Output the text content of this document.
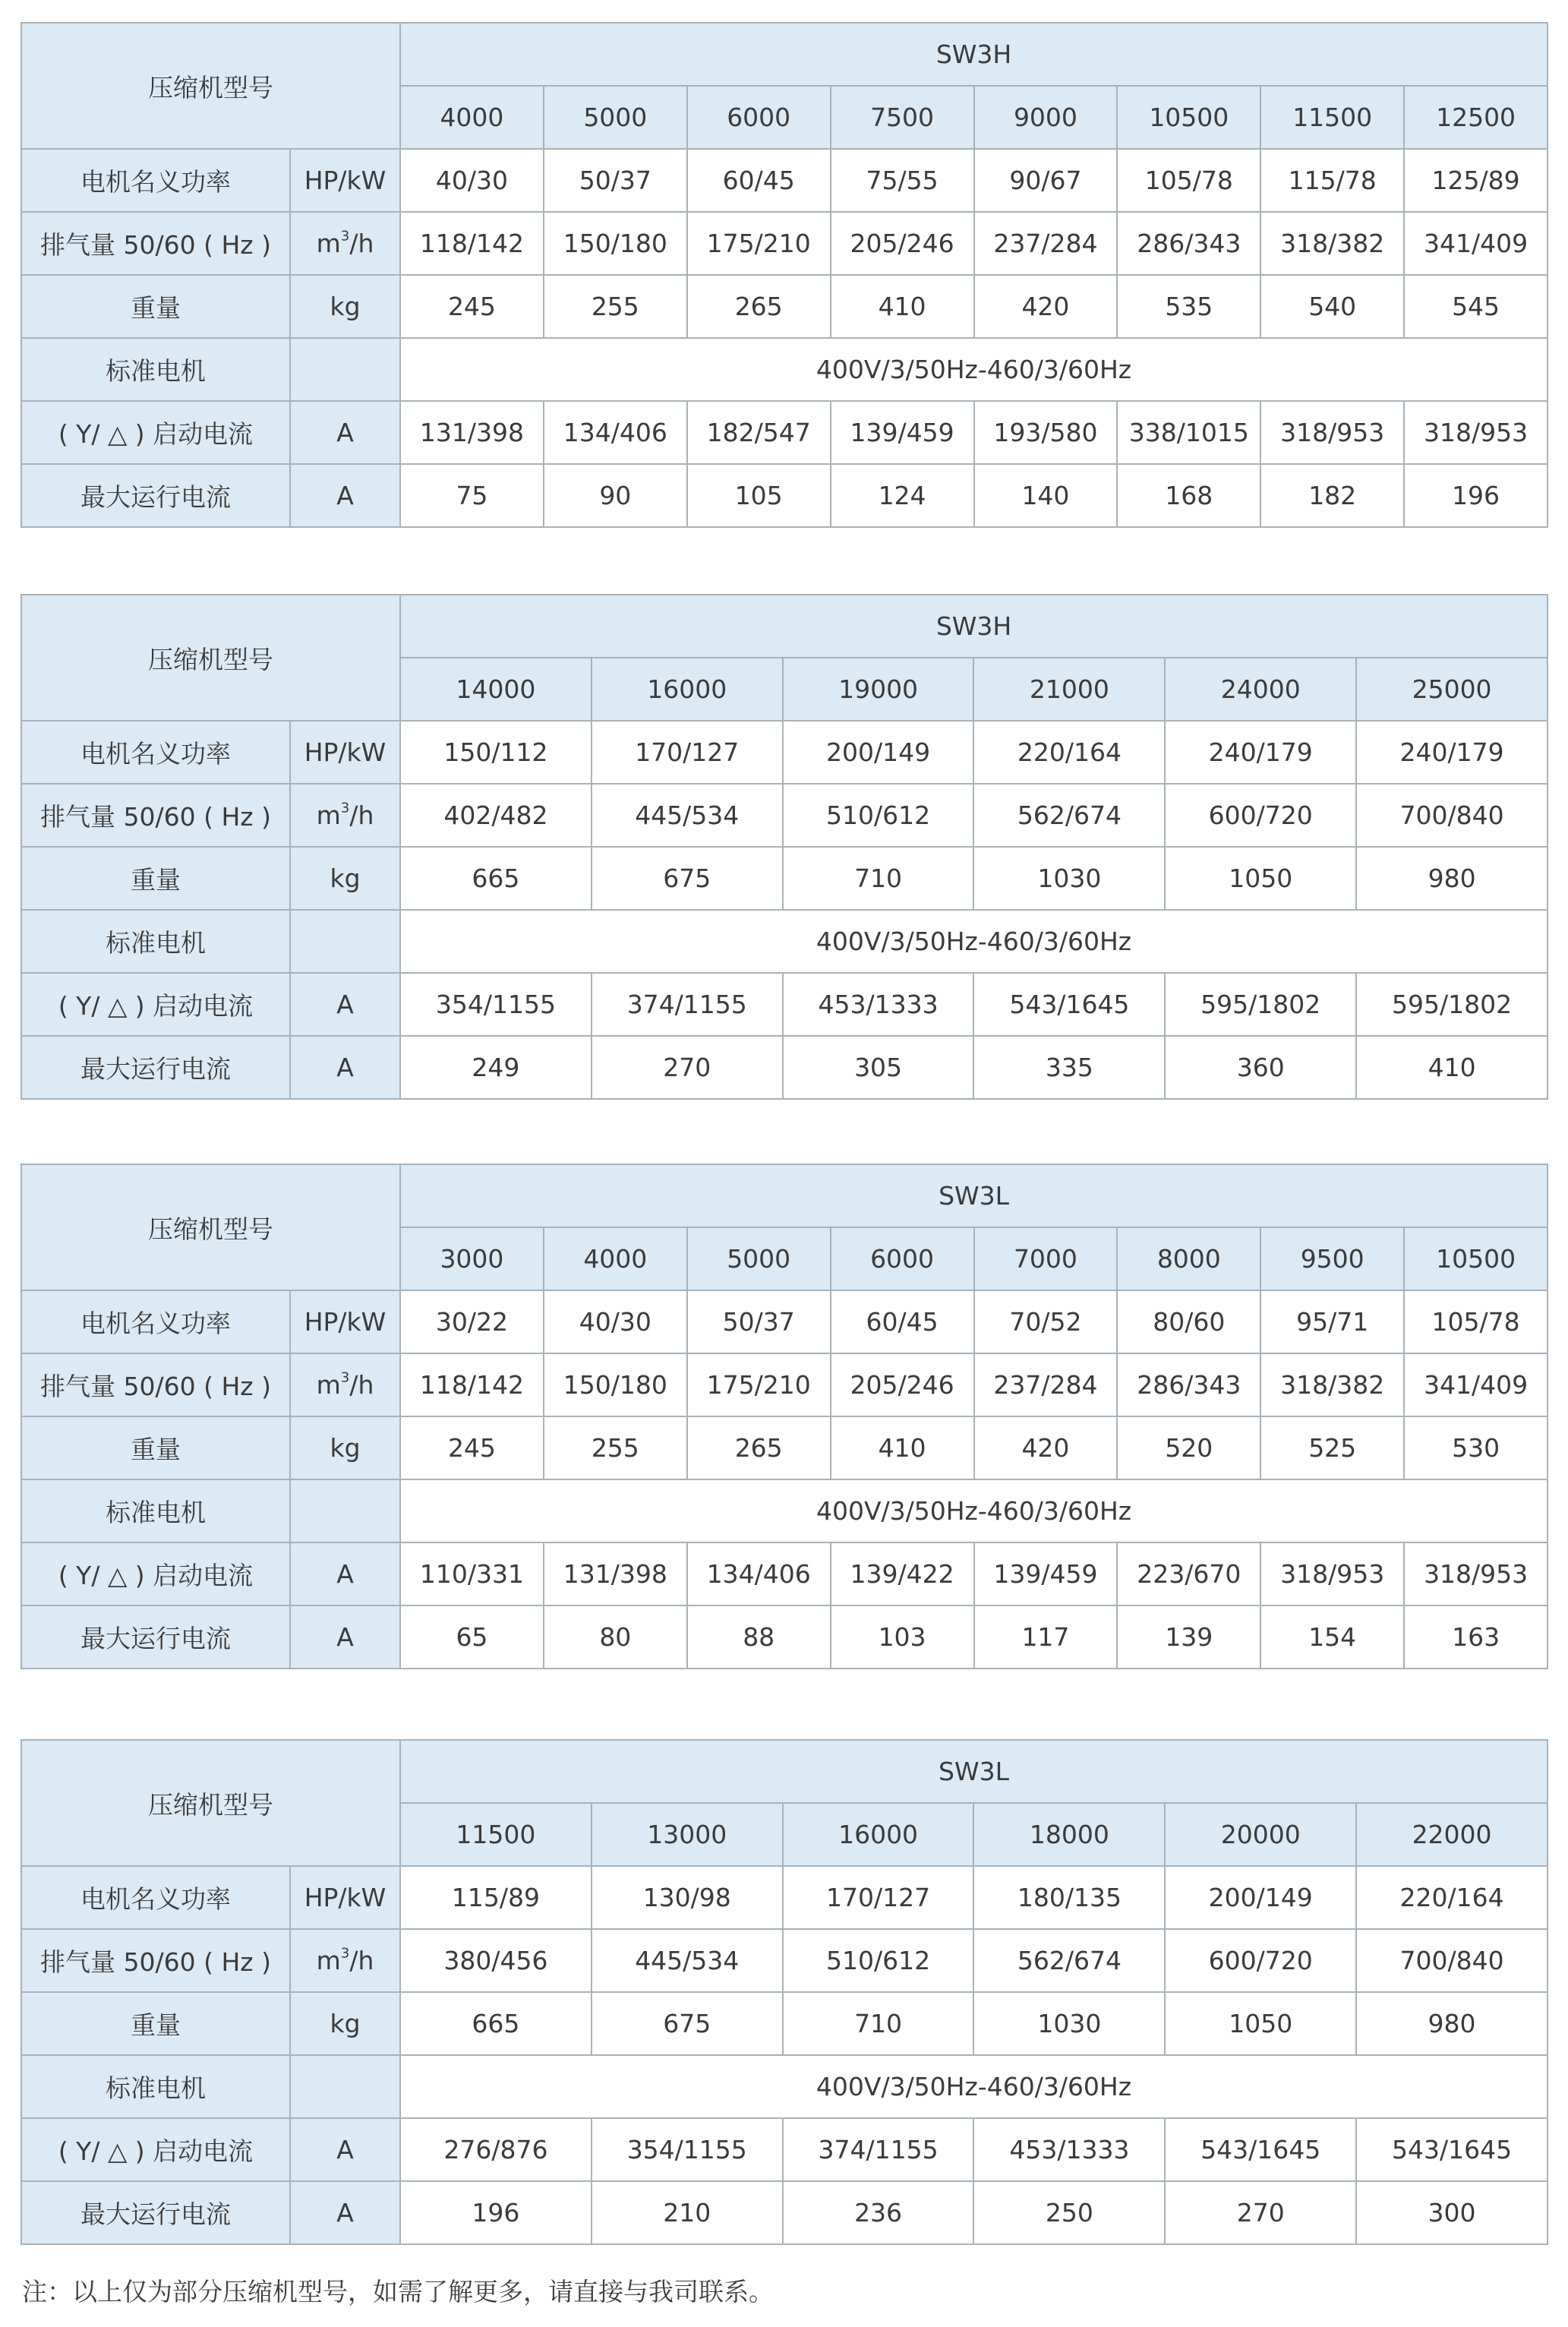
压缩机型号		SW3H							
		4000	5000	6000	7500	9000	10500	11500	12500
电机名义功率	HP/kW	40/30	50/37	60/45	75/55	90/67	105/78	115/78	125/89
排气量 50/60 ( Hz )	$m^3/h$	118/142	150/180	175/210	205/246	237/284	286/343	318/382	341/409
重量	kg	245	255	265	410	420	535	540	545
标准电机		400V/3/50Hz-460/3/60Hz							
( Y/ △ ) 启动电流	A	131/398	134/406	182/547	139/459	193/580	338/1015	318/953	318/953
最大运行电流	A	75	90	105	124	140	168	182	196
压缩机型号		SW3H					
		14000	16000	19000	21000	24000	25000
电机名义功率	HP/kW	150/112	170/127	200/149	220/164	240/179	240/179
排气量 50/60 ( Hz )	$m^3/h$	402/482	445/534	510/612	562/674	600/720	700/840
重量	kg	665	675	710	1030	1050	980
标准电机		400V/3/50Hz-460/3/60Hz					
( Y/ △ ) 启动电流	A	354/1155	374/1155	453/1333	543/1645	595/1802	595/1802
最大运行电流	A	249	270	305	335	360	410
压缩机型号		SW3L							
		3000	4000	5000	6000	7000	8000	9500	10500
电机名义功率	HP/kW	30/22	40/30	50/37	60/45	70/52	80/60	95/71	105/78
排气量 50/60 ( Hz )	$m^3/h$	118/142	150/180	175/210	205/246	237/284	286/343	318/382	341/409
重量	kg	245	255	265	410	420	520	525	530
标准电机		400V/3/50Hz-460/3/60Hz							
( Y/ △ ) 启动电流	A	110/331	131/398	134/406	139/422	139/459	223/670	318/953	318/953
最大运行电流	A	65	80	88	103	117	139	154	163
压缩机型号		SW3L					
		11500	13000	16000	18000	20000	22000
电机名义功率	HP/kW	115/89	130/98	170/127	180/135	200/149	220/164
排气量 50/60 ( Hz )	$m^3/h$	380/456	445/534	510/612	562/674	600/720	700/840
重量	kg	665	675	710	1030	1050	980
标准电机		400V/3/50Hz-460/3/60Hz					
( Y/ △ ) 启动电流	A	276/876	354/1155	374/1155	453/1333	543/1645	543/1645
最大运行电流	A	196	210	236	250	270	300
注：以上仅为部分压缩机型号，如需了解更多，请直接与我司联系。
